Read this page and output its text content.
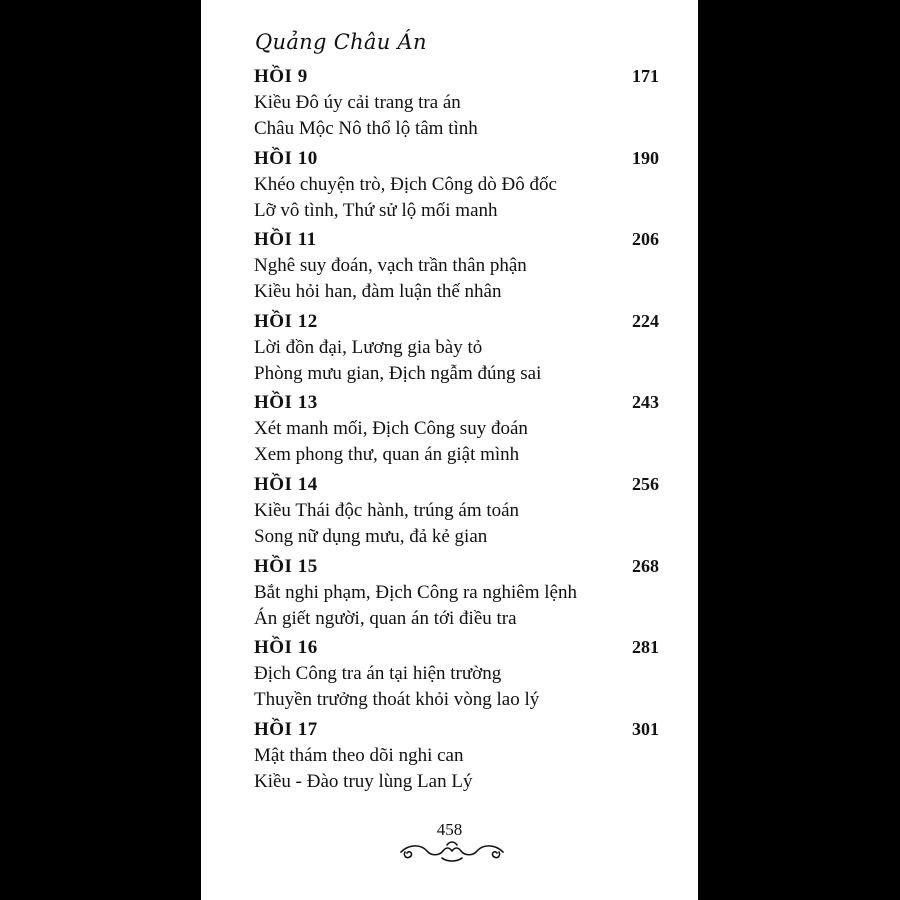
Quảng Châu Án
HỒI 9	171
Kiều Đô úy cải trang tra án
Châu Mộc Nô thổ lộ tâm tình
HỒI 10	190
Khéo chuyện trò, Địch Công dò Đô đốc
Lỡ vô tình, Thứ sử lộ mối manh
HỒI 11	206
Nghê suy đoán, vạch trần thân phận
Kiều hỏi han, đàm luận thế nhân
HỒI 12	224
Lời đồn đại, Lương gia bày tỏ
Phòng mưu gian, Địch ngẫm đúng sai
HỒI 13	243
Xét manh mối, Địch Công suy đoán
Xem phong thư, quan án giật mình
HỒI 14	256
Kiều Thái độc hành, trúng ám toán
Song nữ dụng mưu, đả kẻ gian
HỒI 15	268
Bắt nghi phạm, Địch Công ra nghiêm lệnh
Án giết người, quan án tới điều tra
HỒI 16	281
Địch Công tra án tại hiện trường
Thuyền trưởng thoát khỏi vòng lao lý
HỒI 17	301
Mật thám theo dõi nghi can
Kiều - Đào truy lùng Lan Lý
458
